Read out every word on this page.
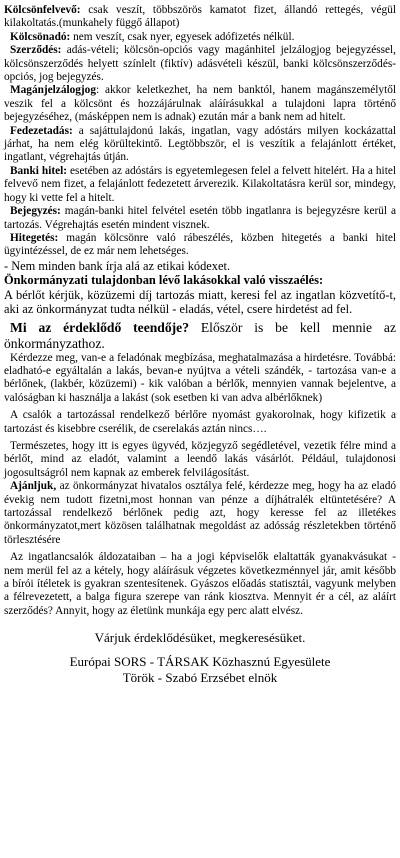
Kölcsönfelvevő: csak veszít, többszörös kamatot fizet, állandó rettegés, végül kilakoltatás.(munkahely függő állapot)

Kölcsönadó: nem veszít, csak nyer, egyesek adófizetés nélkül.

Szerződés: adás-vételi; kölcsön-opciós vagy magánhitel jelzálogjog bejegyzéssel, kölcsönszerződés helyett színlelt (fiktív) adásvételi készül, banki kölcsönszerződés-opciós, jog bejegyzés.

Magánjelzálogjog: akkor keletkezhet, ha nem banktól, hanem magánszemélytől veszik fel a kölcsönt és hozzájárulnak aláírásukkal a tulajdoni lapra történő bejegyzéséhez, (másképpen nem is adnak) ezután már a bank nem ad hitelt.

Fedezetadás: a sajáttulajdonú lakás, ingatlan, vagy adóstárs milyen kockázattal járhat, ha nem elég körültekintő. Legtöbbször, el is veszítik a felajánlott értéket, ingatlant, végrehajtás útján.

Banki hitel: esetében az adóstárs is egyetemlegesen felel a felvett hitelért. Ha a hitel felvevő nem fizet, a felajánlott fedezetett árverezik. Kilakoltatásra kerül sor, mindegy, hogy ki vette fel a hitelt.

Bejegyzés: magán-banki hitel felvétel esetén több ingatlanra is bejegyzésre kerül a tartozás. Végrehajtás esetén mindent visznek.

Hitegetés: magán kölcsönre való rábeszélés, közben hitegetés a banki hitel ügyintézéssel, de ez már nem lehetséges.

- Nem minden bank írja alá az etikai kódexet.

Önkormányzati tulajdonban lévő lakásokkal való visszaélés:

A bérlőt kérjük, közüzemi díj tartozás miatt, keresi fel az ingatlan közvetítő-t, aki az önkormányzat tudta nélkül - eladás, vétel, csere hirdetést ad fel.

Mi az érdeklődő teendője? Először is be kell mennie az önkormányzathoz.

Kérdezze meg, van-e a feladónak megbízása, meghatalmazása a hirdetésre. Továbbá: eladható-e egyáltalán a lakás, bevan-e nyújtva a vételi szándék, - tartozása van-e a bérlőnek, (lakbér, közüzemi) - kik valóban a bérlők, mennyien vannak bejelentve, a valóságban ki használja a lakást (sok esetben ki van adva albérlőknek)

A csalók a tartozással rendelkező bérlőre nyomást gyakorolnak, hogy kifizetik a tartozást és kisebbre cserélik, de cserelakás aztán nincs….

Természetes, hogy itt is egyes ügyvéd, közjegyző segédletével, vezetik félre mind a bérlőt, mind az eladót, valamint a leendő lakás vásárlót. Például, tulajdonosi jogosultságról nem kapnak az emberek felvilágosítást.

Ajánljuk, az önkormányzat hivatalos osztálya felé, kérdezze meg, hogy ha az eladó évekig nem tudott fizetni,most honnan van pénze a díjhátralék eltüntetésére? A tartozással rendelkező bérlőnek pedig azt, hogy keresse fel az illetékes önkormányzatot,mert közösen találhatnak megoldást az adósság részletekben történő törlesztésére

Az ingatlancsalók áldozataiban – ha a jogi képviselők elaltatták gyanakvásukat - nem merül fel az a kétely, hogy aláírásuk végzetes következménnyel jár, amit később a bírói ítéletek is gyakran szentesítenek. Gyászos előadás statisztái, vagyunk melyben a félrevezetett, a balga figura szerepe van ránk kiosztva. Mennyit ér a cél, az aláírt szerződés? Annyit, hogy az életünk munkája egy perc alatt elvész.

Várjuk érdeklődésüket, megkeresésüket.

Európai SORS - TÁRSAK Közhasznú Egyesülete

Török - Szabó Erzsébet elnök
